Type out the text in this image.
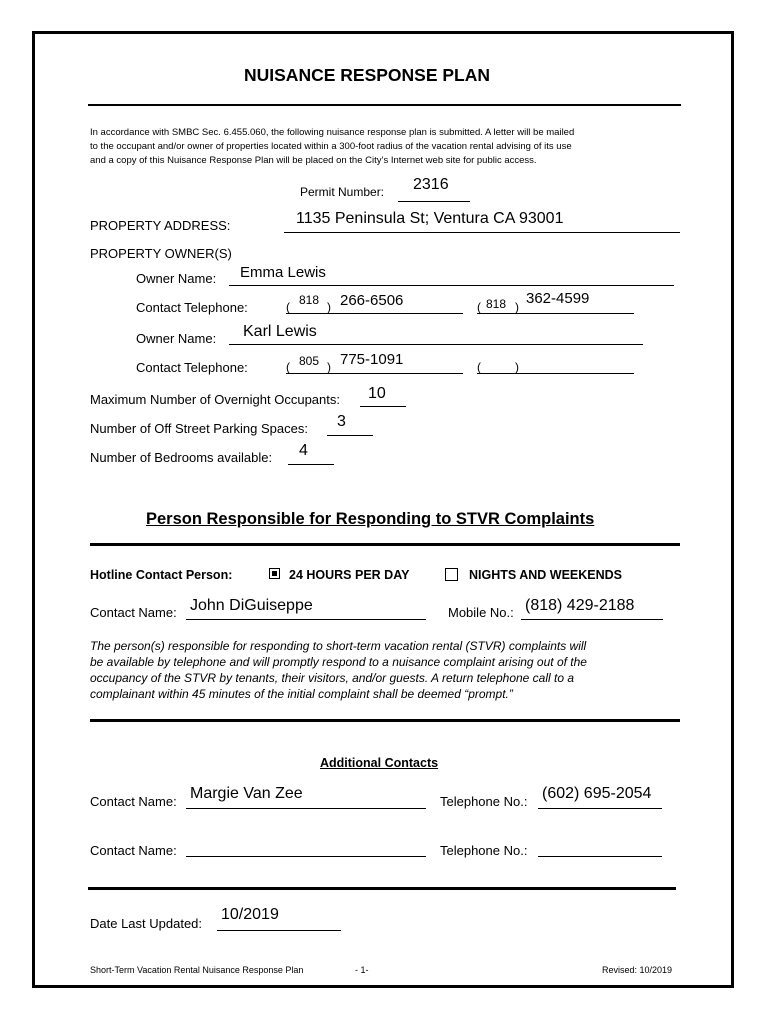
NUISANCE RESPONSE PLAN
In accordance with SMBC Sec. 6.455.060, the following nuisance response plan is submitted. A letter will be mailed
to the occupant and/or owner of properties located within a 300-foot radius of the vacation rental advising of its use
and a copy of this Nuisance Response Plan will be placed on the City’s Internet web site for public access.
Permit Number: 2316
PROPERTY ADDRESS:	1135 Peninsula St; Ventura CA 93001
PROPERTY OWNER(S)
Owner Name: Emma Lewis
Contact Telephone:	( 818 ) 266-6506	( 818 ) 362-4599
Owner Name: Karl Lewis
Contact Telephone:	( 805 ) 775-1091	(	)
Maximum Number of Overnight Occupants: 10
Number of Off Street Parking Spaces: 3
Number of Bedrooms available: 4
Person Responsible for Responding to STVR Complaints
Hotline Contact Person:	24 HOURS PER DAY	NIGHTS AND WEEKENDS
Contact Name: John DiGuiseppe	Mobile No.: (818) 429-2188
The person(s) responsible for responding to short-term vacation rental (STVR) complaints will
be available by telephone and will promptly respond to a nuisance complaint arising out of the
occupancy of the STVR by tenants, their visitors, and/or guests. A return telephone call to a
complainant within 45 minutes of the initial complaint shall be deemed “prompt.”
Additional Contacts
Contact Name: Margie Van Zee	Telephone No.: (602) 695-2054
Contact Name:	Telephone No.:
Date Last Updated:
10/2019
Short-Term Vacation Rental Nuisance Response Plan	- 1-	Revised: 10/2019
